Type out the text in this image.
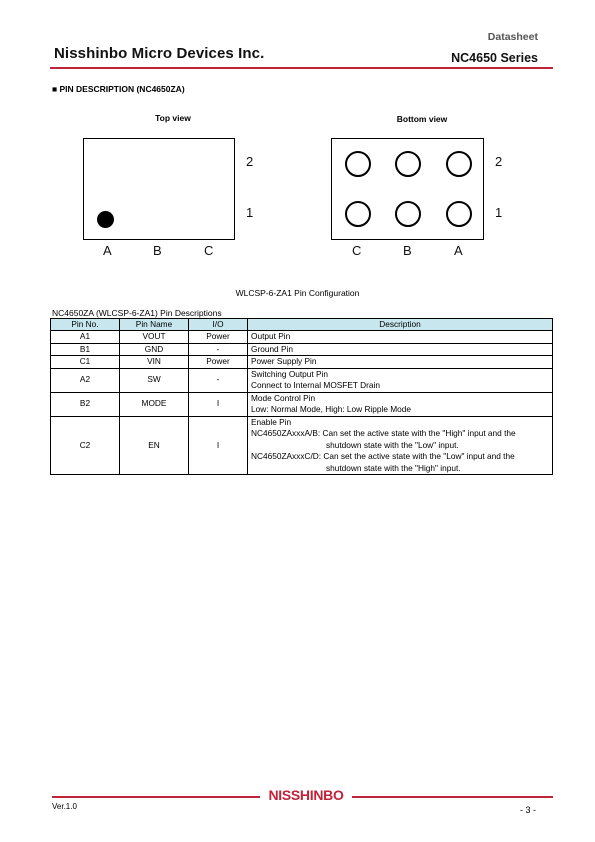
Datasheet
Nisshinbo Micro Devices Inc.	NC4650 Series
■ PIN DESCRIPTION (NC4650ZA)
Top view
2
1
A	B	C
Bottom view
2
1
C	B	A
WLCSP-6-ZA1 Pin Configuration
NC4650ZA (WLCSP-6-ZA1) Pin Descriptions
Pin No.	Pin Name	I/O	Description
A1	VOUT	Power	Output Pin

B1	GND	-	Ground Pin

C1	VIN	Power	Power Supply Pin

A2	SW	-	Switching Output Pin
Connect to Internal MOSFET Drain

B2	MODE	I	Mode Control Pin
Low: Normal Mode, High: Low Ripple Mode

C2	EN	I	Enable Pin
NC4650ZAxxxA/B: Can set the active state with the "High" input and the
shutdown state with the "Low" input.
NC4650ZAxxxC/D: Can set the active state with the "Low" input and the
shutdown state with the "High" input.
NISSHINBO
Ver.1.0	- 3 -
